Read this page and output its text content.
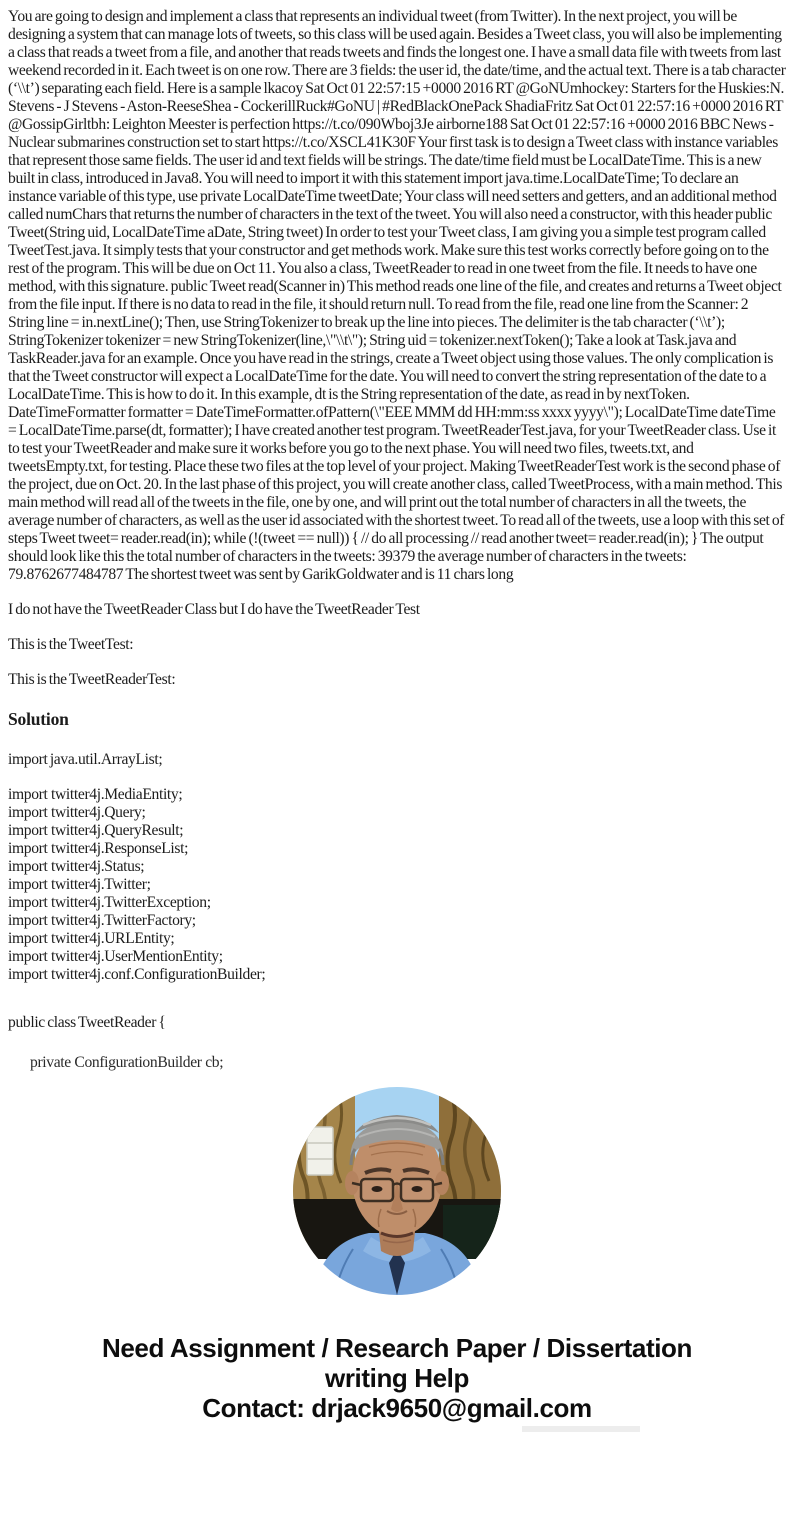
You are going to design and implement a class that represents an individual tweet (from Twitter). In the next project, you will be designing a system that can manage lots of tweets, so this class will be used again. Besides a Tweet class, you will also be implementing a class that reads a tweet from a file, and another that reads tweets and finds the longest one. I have a small data file with tweets from last weekend recorded in it. Each tweet is on one row. There are 3 fields: the user id, the date/time, and the actual text. There is a tab character (‘\\t’) separating each field. Here is a sample lkacoy Sat Oct 01 22:57:15 +0000 2016 RT @GoNUmhockey: Starters for the Huskies:N. Stevens - J Stevens - Aston-ReeseShea - CockerillRuck#GoNU | #RedBlackOnePack ShadiaFritz Sat Oct 01 22:57:16 +0000 2016 RT @GossipGirltbh: Leighton Meester is perfection https://t.co/090Wboj3Je airborne188 Sat Oct 01 22:57:16 +0000 2016 BBC News - Nuclear submarines construction set to start https://t.co/XSCL41K30F Your first task is to design a Tweet class with instance variables that represent those same fields. The user id and text fields will be strings. The date/time field must be LocalDateTime. This is a new built in class, introduced in Java8. You will need to import it with this statement import java.time.LocalDateTime; To declare an instance variable of this type, use private LocalDateTime tweetDate; Your class will need setters and getters, and an additional method called numChars that returns the number of characters in the text of the tweet. You will also need a constructor, with this header public Tweet(String uid, LocalDateTime aDate, String tweet) In order to test your Tweet class, I am giving you a simple test program called TweetTest.java. It simply tests that your constructor and get methods work. Make sure this test works correctly before going on to the rest of the program. This will be due on Oct 11. You also a class, TweetReader to read in one tweet from the file. It needs to have one method, with this signature. public Tweet read(Scanner in) This method reads one line of the file, and creates and returns a Tweet object from the file input. If there is no data to read in the file, it should return null. To read from the file, read one line from the Scanner: 2 String line = in.nextLine(); Then, use StringTokenizer to break up the line into pieces. The delimiter is the tab character (‘\\t’); StringTokenizer tokenizer = new StringTokenizer(line,\"\\t\"); String uid = tokenizer.nextToken(); Take a look at Task.java and TaskReader.java for an example. Once you have read in the strings, create a Tweet object using those values. The only complication is that the Tweet constructor will expect a LocalDateTime for the date. You will need to convert the string representation of the date to a LocalDateTime. This is how to do it. In this example, dt is the String representation of the date, as read in by nextToken. DateTimeFormatter formatter = DateTimeFormatter.ofPattern(\"EEE MMM dd HH:mm:ss xxxx yyyy\"); LocalDateTime dateTime = LocalDateTime.parse(dt, formatter); I have created another test program. TweetReaderTest.java, for your TweetReader class. Use it to test your TweetReader and make sure it works before you go to the next phase. You will need two files, tweets.txt, and tweetsEmpty.txt, for testing. Place these two files at the top level of your project. Making TweetReaderTest work is the second phase of the project, due on Oct. 20. In the last phase of this project, you will create another class, called TweetProcess, with a main method. This main method will read all of the tweets in the file, one by one, and will print out the total number of characters in all the tweets, the average number of characters, as well as the user id associated with the shortest tweet. To read all of the tweets, use a loop with this set of steps Tweet tweet= reader.read(in); while (!(tweet == null)) { // do all processing // read another tweet= reader.read(in); } The output should look like this the total number of characters in the tweets: 39379 the average number of characters in the tweets: 79.8762677484787 The shortest tweet was sent by GarikGoldwater and is 11 chars long

I do not have the TweetReader Class but I do have the TweetReader Test

This is the TweetTest:

This is the TweetReaderTest:

Solution

import java.util.ArrayList;

import twitter4j.MediaEntity;
import twitter4j.Query;
import twitter4j.QueryResult;
import twitter4j.ResponseList;
import twitter4j.Status;
import twitter4j.Twitter;
import twitter4j.TwitterException;
import twitter4j.TwitterFactory;
import twitter4j.URLEntity;
import twitter4j.UserMentionEntity;
import twitter4j.conf.ConfigurationBuilder;

public class TweetReader {

private ConfigurationBuilder cb;
Need Assignment / Research Paper / Dissertation
writing Help
Contact: drjack9650@gmail.com
